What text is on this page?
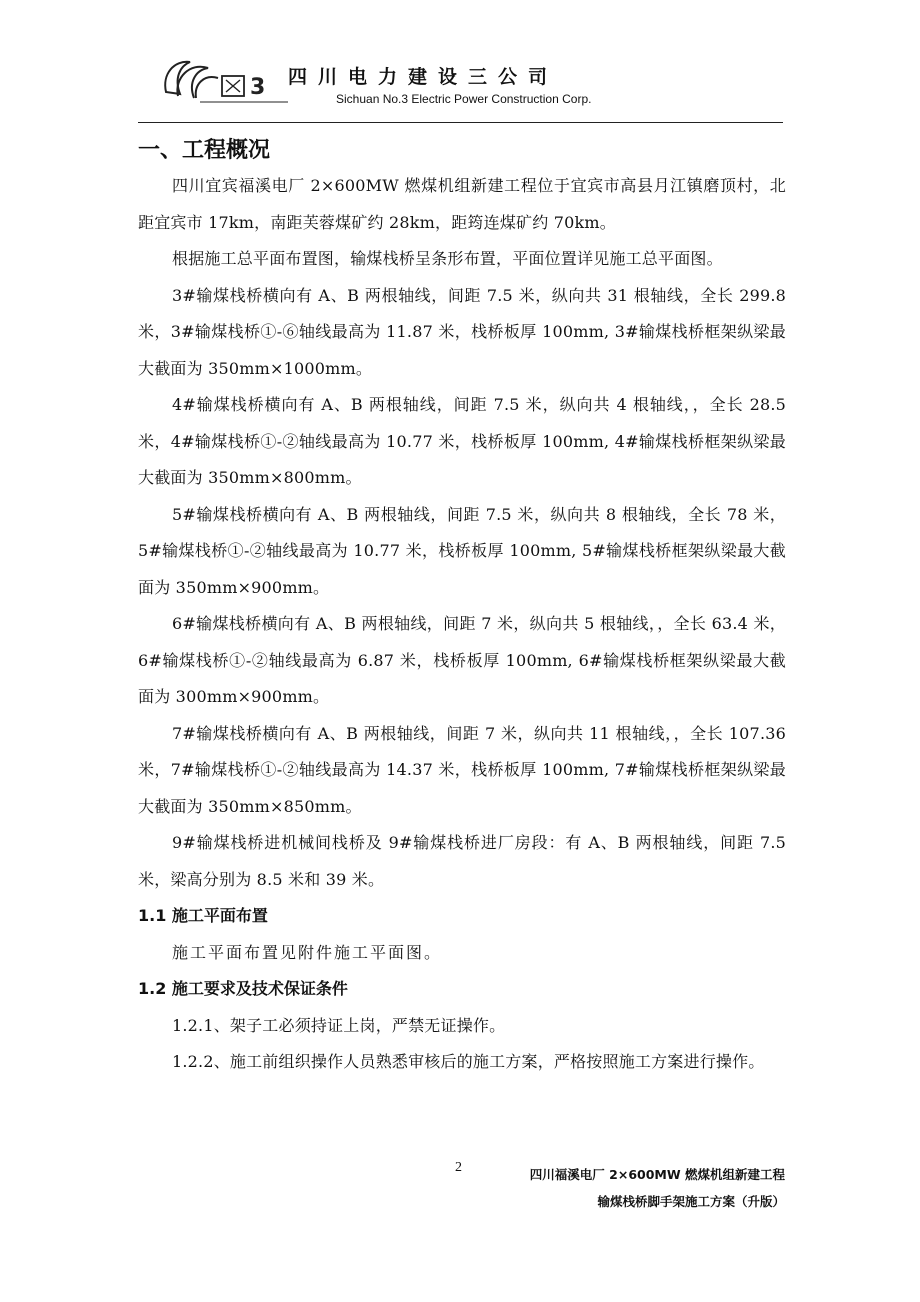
3 四川电力建设三公司
Sichuan No.3 Electric Power Construction Corp.
一、工程概况

四川宜宾福溪电厂 2×600MW 燃煤机组新建工程位于宜宾市高县月江镇磨顶村，北距宜宾市 17km，南距芙蓉煤矿约 28km，距筠连煤矿约 70km。

根据施工总平面布置图，输煤栈桥呈条形布置，平面位置详见施工总平面图。

3#输煤栈桥横向有 A、B 两根轴线，间距 7.5 米，纵向共 31 根轴线，全长 299.8 米，3#输煤栈桥①-⑥轴线最高为 11.87 米，栈桥板厚 100mm, 3#输煤栈桥框架纵梁最大截面为 350mm×1000mm。

4#输煤栈桥横向有 A、B 两根轴线，间距 7.5 米，纵向共 4 根轴线，，全长 28.5 米，4#输煤栈桥①-②轴线最高为 10.77 米，栈桥板厚 100mm, 4#输煤栈桥框架纵梁最大截面为 350mm×800mm。

5#输煤栈桥横向有 A、B 两根轴线，间距 7.5 米，纵向共 8 根轴线，全长 78 米，5#输煤栈桥①-②轴线最高为 10.77 米，栈桥板厚 100mm, 5#输煤栈桥框架纵梁最大截面为 350mm×900mm。

6#输煤栈桥横向有 A、B 两根轴线，间距 7 米，纵向共 5 根轴线，，全长 63.4 米，6#输煤栈桥①-②轴线最高为 6.87 米，栈桥板厚 100mm, 6#输煤栈桥框架纵梁最大截面为 300mm×900mm。

7#输煤栈桥横向有 A、B 两根轴线，间距 7 米，纵向共 11 根轴线，，全长 107.36 米，7#输煤栈桥①-②轴线最高为 14.37 米，栈桥板厚 100mm, 7#输煤栈桥框架纵梁最大截面为 350mm×850mm。

9#输煤栈桥进机械间栈桥及 9#输煤栈桥进厂房段：有 A、B 两根轴线，间距 7.5 米，梁高分别为 8.5 米和 39 米。

1.1 施工平面布置

施工平面布置见附件施工平面图。

1.2 施工要求及技术保证条件

1.2.1、架子工必须持证上岗，严禁无证操作。

1.2.2、施工前组织操作人员熟悉审核后的施工方案，严格按照施工方案进行操作。

2	四川福溪电厂 2×600MW 燃煤机组新建工程
输煤栈桥脚手架施工方案（升版）
